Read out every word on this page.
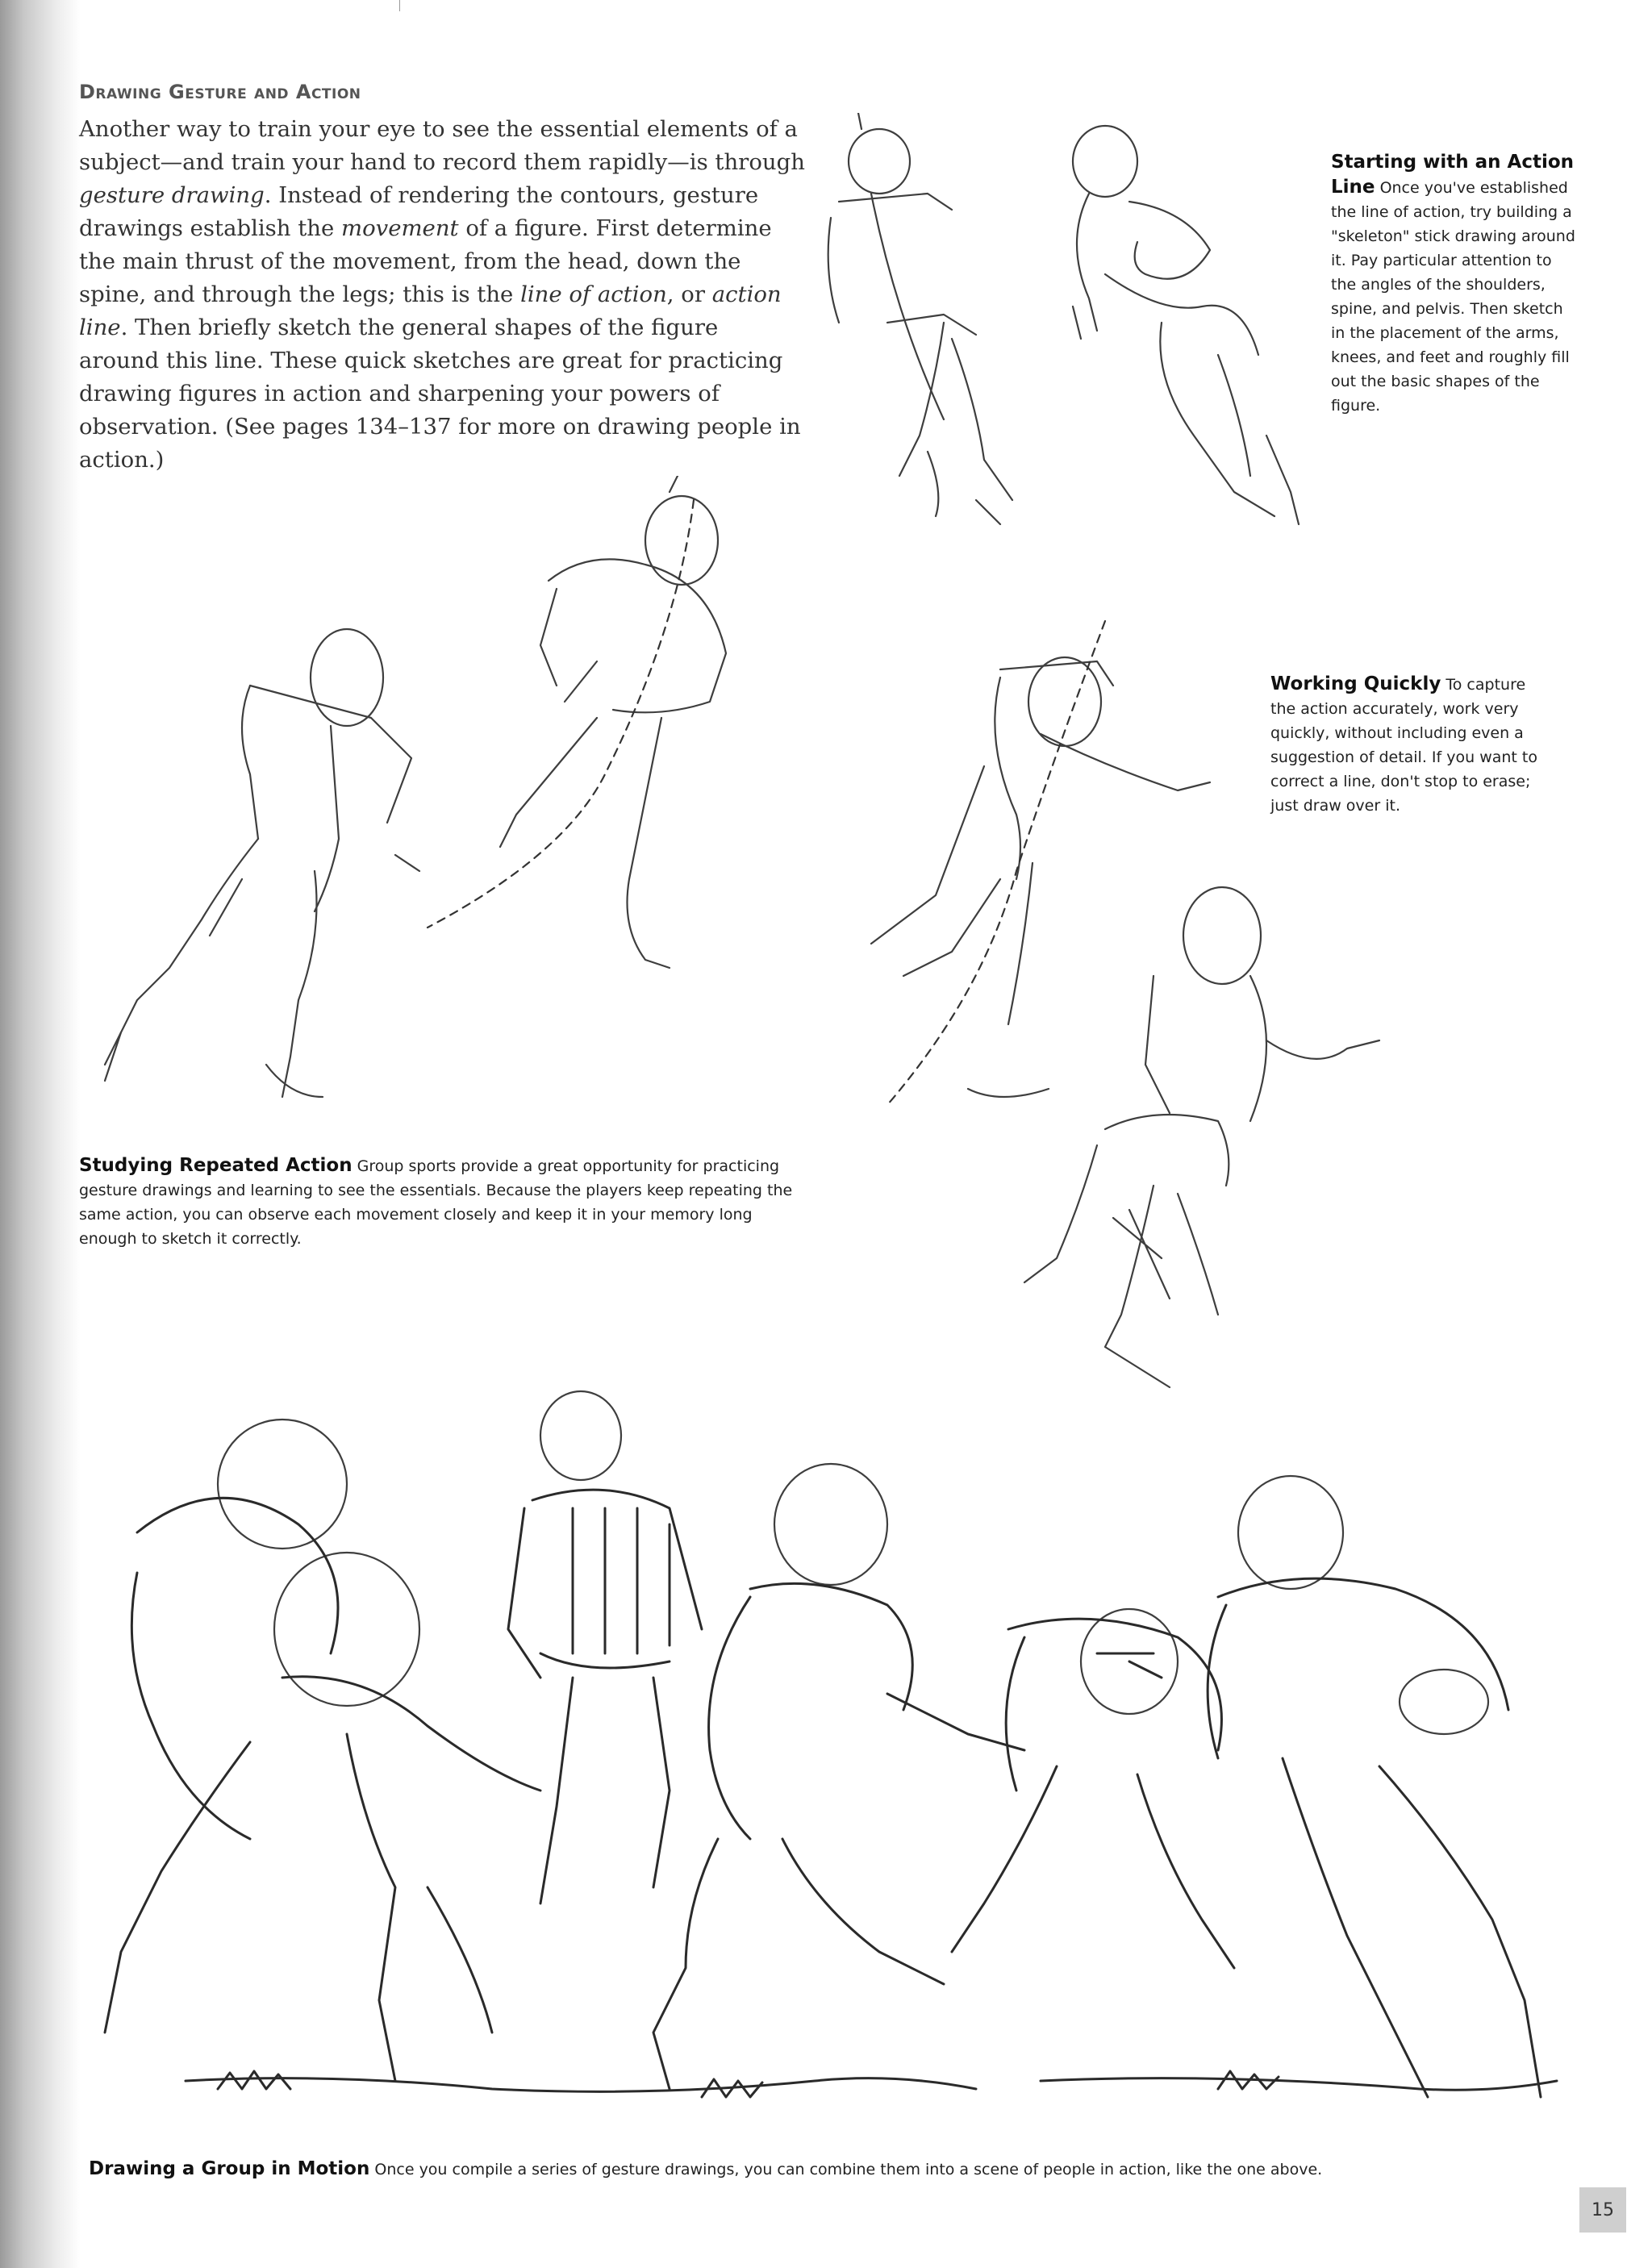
Drawing Gesture and Action

Another way to train your eye to see the essential elements of a subject—and train your hand to record them rapidly—is through gesture drawing. Instead of rendering the contours, gesture drawings establish the movement of a figure. First determine the main thrust of the movement, from the head, down the spine, and through the legs; this is the line of action, or action line. Then briefly sketch the general shapes of the figure around this line. These quick sketches are great for practicing drawing figures in action and sharpening your powers of observation. (See pages 134–137 for more on drawing people in action.)

Starting with an Action Line Once you've established the line of action, try building a "skeleton" stick drawing around it. Pay particular attention to the angles of the shoulders, spine, and pelvis. Then sketch in the placement of the arms, knees, and feet and roughly fill out the basic shapes of the figure.
Working Quickly To capture the action accurately, work very quickly, without including even a suggestion of detail. If you want to correct a line, don't stop to erase; just draw over it.
Studying Repeated Action Group sports provide a great opportunity for practicing gesture drawings and learning to see the essentials. Because the players keep repeating the same action, you can observe each movement closely and keep it in your memory long enough to sketch it correctly.
Drawing a Group in Motion Once you compile a series of gesture drawings, you can combine them into a scene of people in action, like the one above.
15
